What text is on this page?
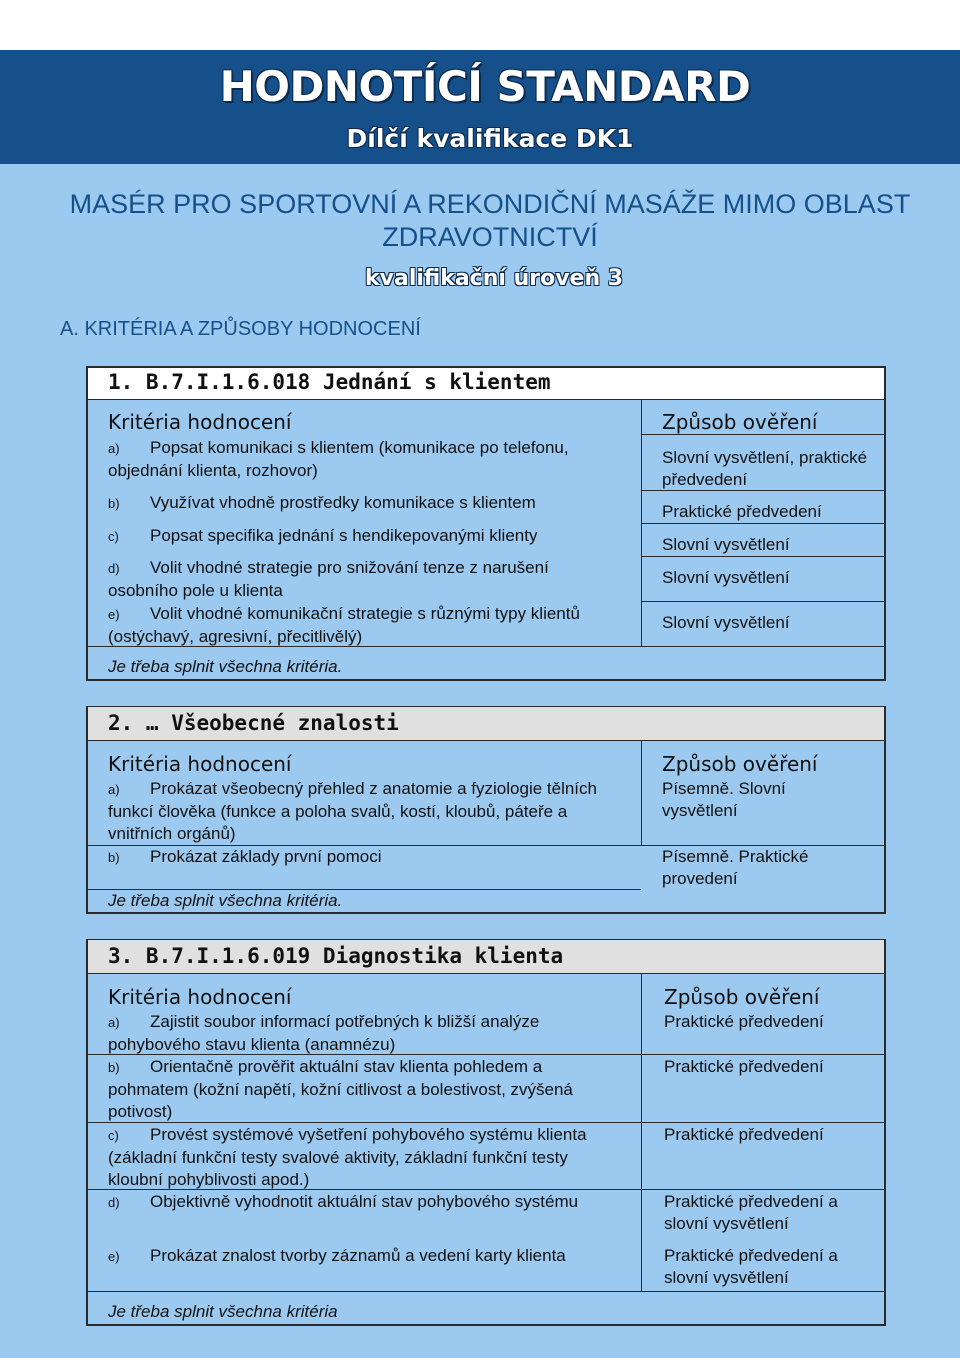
HODNOTÍCÍ STANDARD
Dílčí kvalifikace DK1
MASÉR PRO SPORTOVNÍ A REKONDIČNÍ MASÁŽE MIMO OBLAST ZDRAVOTNICTVÍ
kvalifikační úroveň 3
A. KRITÉRIA A ZPŮSOBY HODNOCENÍ
1. B.7.I.1.6.018 Jednání s klientem
Kritéria hodnocení	Způsob ověření
a) Popsat komunikaci s klientem (komunikace po telefonu, objednání klienta, rozhovor)
Slovní vysvětlení, praktické předvedení
b) Využívat vhodně prostředky komunikace s klientem	Praktické předvedení
c) Popsat specifika jednání s hendikepovanými klienty	Slovní vysvětlení
d) Volit vhodné strategie pro snižování tenze z narušení osobního pole u klienta
Slovní vysvětlení
e) Volit vhodné komunikační strategie s různými typy klientů (ostýchavý, agresivní, přecitlivělý)
Slovní vysvětlení
Je třeba splnit všechna kritéria.
2. … Všeobecné znalosti
Kritéria hodnocení	Způsob ověření
a) Prokázat všeobecný přehled z anatomie a fyziologie tělních funkcí člověka (funkce a poloha svalů, kostí, kloubů, páteře a vnitřních orgánů)
Písemně. Slovní vysvětlení
b) Prokázat základy první pomoci	Písemně. Praktické provedení
Je třeba splnit všechna kritéria.
3. B.7.I.1.6.019 Diagnostika klienta
Kritéria hodnocení	Způsob ověření
a) Zajistit soubor informací potřebných k bližší analýze pohybového stavu klienta (anamnézu)
Praktické předvedení
b) Orientačně prověřit aktuální stav klienta pohledem a pohmatem (kožní napětí, kožní citlivost a bolestivost, zvýšená potivost)
Praktické předvedení
c) Provést systémové vyšetření pohybového systému klienta (základní funkční testy svalové aktivity, základní funkční testy kloubní pohyblivosti apod.)
Praktické předvedení
d) Objektivně vyhodnotit aktuální stav pohybového systému	Praktické předvedení a slovní vysvětlení
e) Prokázat znalost tvorby záznamů a vedení karty klienta	Praktické předvedení a slovní vysvětlení
Je třeba splnit všechna kritéria
